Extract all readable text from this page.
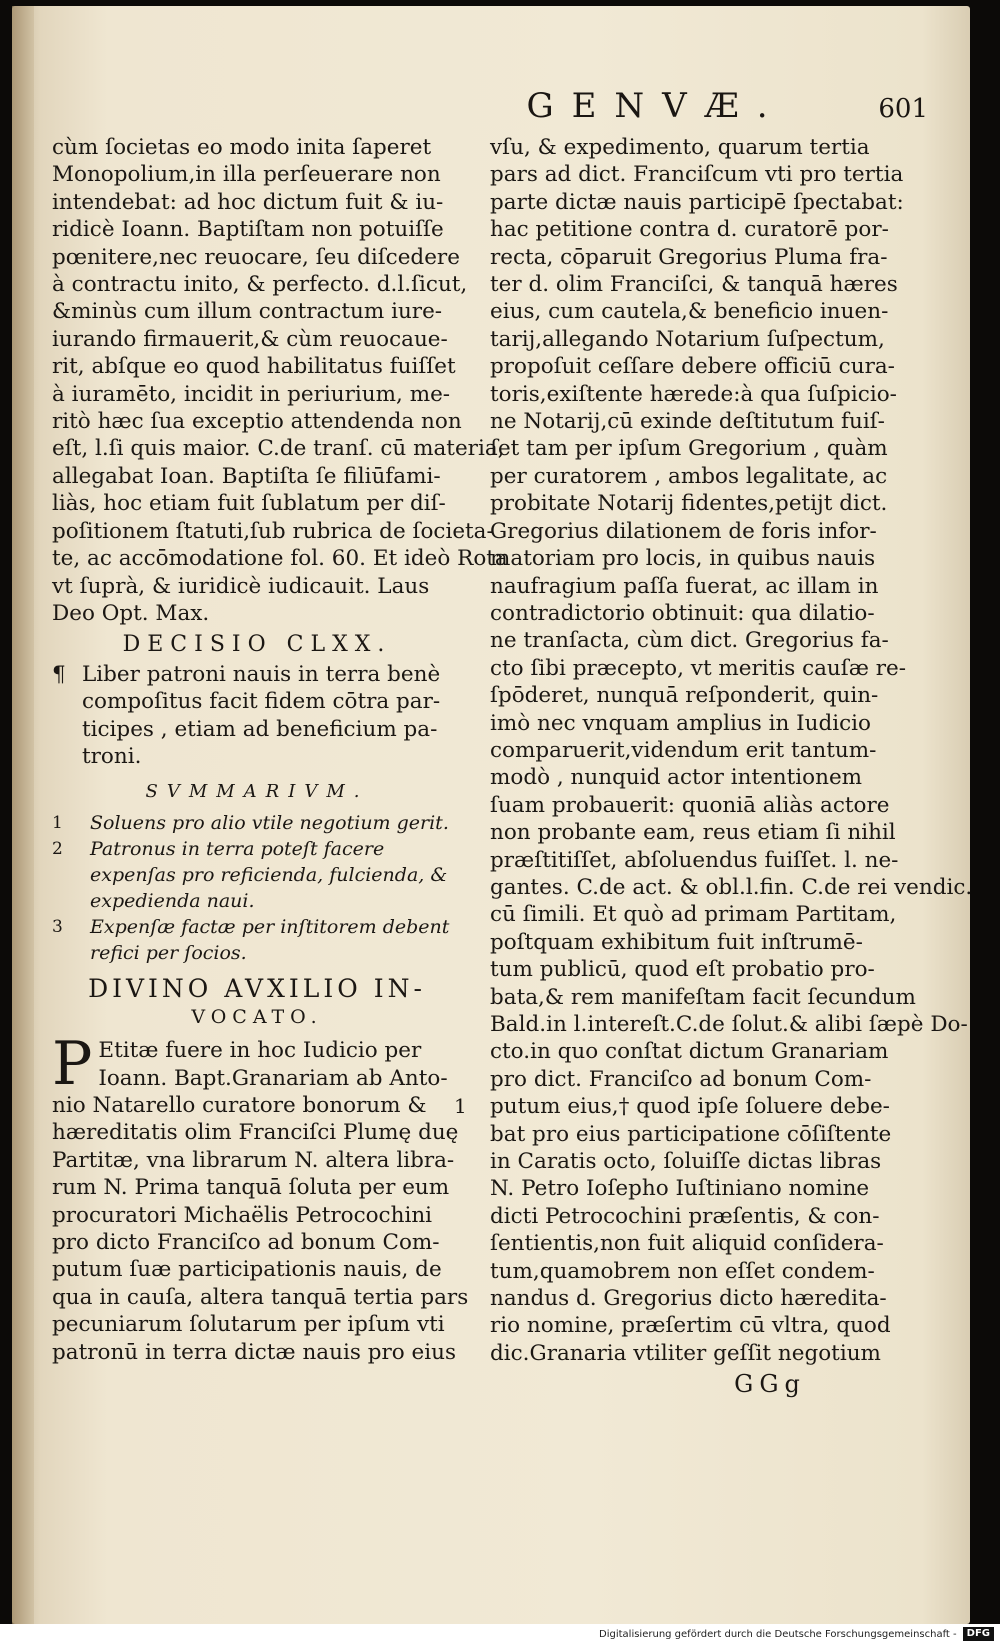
GENVÆ.	601
cùm ſocietas eo modo inita ſaperet
Monopolium,in illa perſeuerare non
intendebat: ad hoc dictum fuit & iu-
ridicè Ioann. Baptiſtam non potuiſſe
pœnitere,nec reuocare, ſeu diſcedere
à contractu inito, & perfecto. d.l.ſicut,
&minùs cum illum contractum iure-
iurando firmauerit,& cùm reuocaue-
rit, abſque eo quod habilitatus fuiſſet
à iuramēto, incidit in periurium, me-
ritò hæc ſua exceptio attendenda non
eſt, l.ſi quis maior. C.de tranſ. cū materia,
allegabat Ioan. Baptiſta ſe filiūfami-
liàs, hoc etiam fuit ſublatum per diſ-
poſitionem ſtatuti,ſub rubrica de ſocieta-
te, ac accōmodatione fol. 60. Et ideò Rota
vt ſuprà, & iuridicè iudicauit. Laus
Deo Opt. Max.
DECISIO CLXX.
¶ Liber patroni nauis in terra benè
compoſitus facit fidem cōtra par-
ticipes , etiam ad beneficium pa-
troni.
SVMMARIVM.
1	Soluens pro alio vtile negotium gerit.
2	Patronus in terra poteſt facere expenſas pro reficienda, fulcienda, & expedienda naui.
3	Expenſæ factæ per inſtitorem debent refici per ſocios.
DIVINO AVXILIO IN-
VOCATO.
P Etitæ fuere in hoc Iudicio per
Ioann. Bapt.Granariam ab Anto-
nio Natarello curatore bonorum &
hæreditatis olim Franciſci Plumę duę
Partitæ, vna librarum N. altera libra-
rum N. Prima tanquā ſoluta per eum
procuratori Michaëlis Petrocochini
pro dicto Franciſco ad bonum Com-
putum ſuæ participationis nauis, de
qua in cauſa, altera tanquā tertia pars
pecuniarum ſolutarum per ipſum vti
patronū in terra dictæ nauis pro eius
vſu, & expedimento, quarum tertia
pars ad dict. Franciſcum vti pro tertia
parte dictæ nauis participē ſpectabat:
hac petitione contra d. curatorē por-
recta, cōparuit Gregorius Pluma fra-
ter d. olim Franciſci, & tanquā hæres
eius, cum cautela,& beneficio inuen-
tarij,allegando Notarium ſuſpectum,
propoſuit ceſſare debere officiū cura-
toris,exiſtente hærede:à qua ſuſpicio-
ne Notarij,cū exinde deſtitutum fuiſ-
ſet tam per ipſum Gregorium , quàm
per curatorem , ambos legalitate, ac
probitate Notarij fidentes,petijt dict.
Gregorius dilationem de foris infor-
matoriam pro locis, in quibus nauis
naufragium paſſa fuerat, ac illam in
contradictorio obtinuit: qua dilatio-
ne tranſacta, cùm dict. Gregorius fa-
cto ſibi præcepto, vt meritis cauſæ re-
ſpōderet, nunquā reſponderit, quin-
imò nec vnquam amplius in Iudicio
comparuerit,videndum erit tantum-
modò , nunquid actor intentionem
ſuam probauerit: quoniā aliàs actore
non probante eam, reus etiam ſi nihil
præſtitiſſet, abſoluendus fuiſſet. l. ne-
gantes. C.de act. & obl.l.fin. C.de rei vendic.
cū ſimili. Et quò ad primam Partitam,
poſtquam exhibitum fuit inſtrumē-
tum publicū, quod eſt probatio pro-
bata,& rem manifeſtam facit ſecundum
Bald.in l.intereſt.C.de ſolut.& alibi ſæpè Do-
cto.in quo conſtat dictum Granariam
pro dict. Franciſco ad bonum Com-
putum eius,† quod ipſe ſoluere debe-
bat pro eius participatione cōſiſtente
in Caratis octo, ſoluiſſe dictas libras
N. Petro Ioſepho Iuſtiniano nomine
dicti Petrocochini præſentis, & con-
ſentientis,non fuit aliquid conſidera-
tum,quamobrem non eſſet condem-
nandus d. Gregorius dicto hæredita-
rio nomine, præſertim cū vltra, quod
dic.Granaria vtiliter geſſit negotium
1
GGg
Digitalisierung gefördert durch die Deutsche Forschungsgemeinschaft - DFG
